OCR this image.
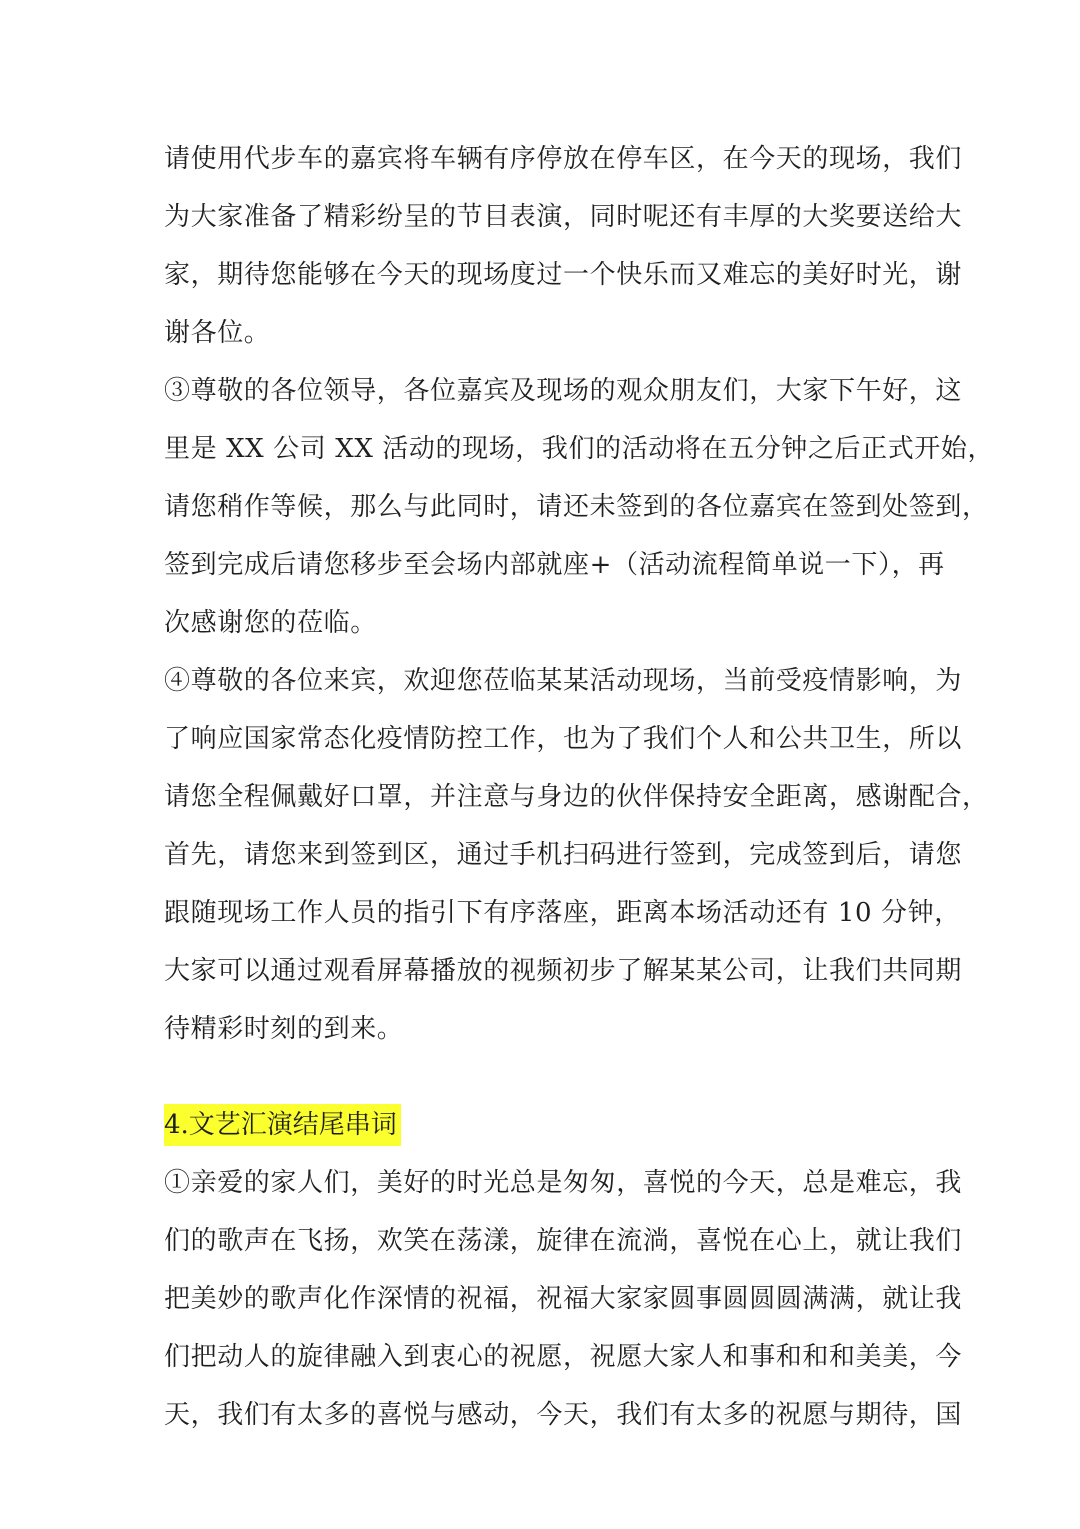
请使用代步车的嘉宾将车辆有序停放在停车区，在今天的现场，我们
为大家准备了精彩纷呈的节目表演，同时呢还有丰厚的大奖要送给大
家，期待您能够在今天的现场度过一个快乐而又难忘的美好时光，谢
谢各位。
③尊敬的各位领导，各位嘉宾及现场的观众朋友们，大家下午好，这
里是 XX 公司 XX 活动的现场，我们的活动将在五分钟之后正式开始，
请您稍作等候，那么与此同时，请还未签到的各位嘉宾在签到处签到，
签到完成后请您移步至会场内部就座+（活动流程简单说一下），再
次感谢您的莅临。
④尊敬的各位来宾，欢迎您莅临某某活动现场，当前受疫情影响，为
了响应国家常态化疫情防控工作，也为了我们个人和公共卫生，所以
请您全程佩戴好口罩，并注意与身边的伙伴保持安全距离，感谢配合，
首先，请您来到签到区，通过手机扫码进行签到，完成签到后，请您
跟随现场工作人员的指引下有序落座，距离本场活动还有 10 分钟，
大家可以通过观看屏幕播放的视频初步了解某某公司，让我们共同期
待精彩时刻的到来。
4.文艺汇演结尾串词
①亲爱的家人们，美好的时光总是匆匆，喜悦的今天，总是难忘，我
们的歌声在飞扬，欢笑在荡漾，旋律在流淌，喜悦在心上，就让我们
把美妙的歌声化作深情的祝福，祝福大家家圆事圆圆圆满满，就让我
们把动人的旋律融入到衷心的祝愿，祝愿大家人和事和和和美美，今
天，我们有太多的喜悦与感动，今天，我们有太多的祝愿与期待，国
